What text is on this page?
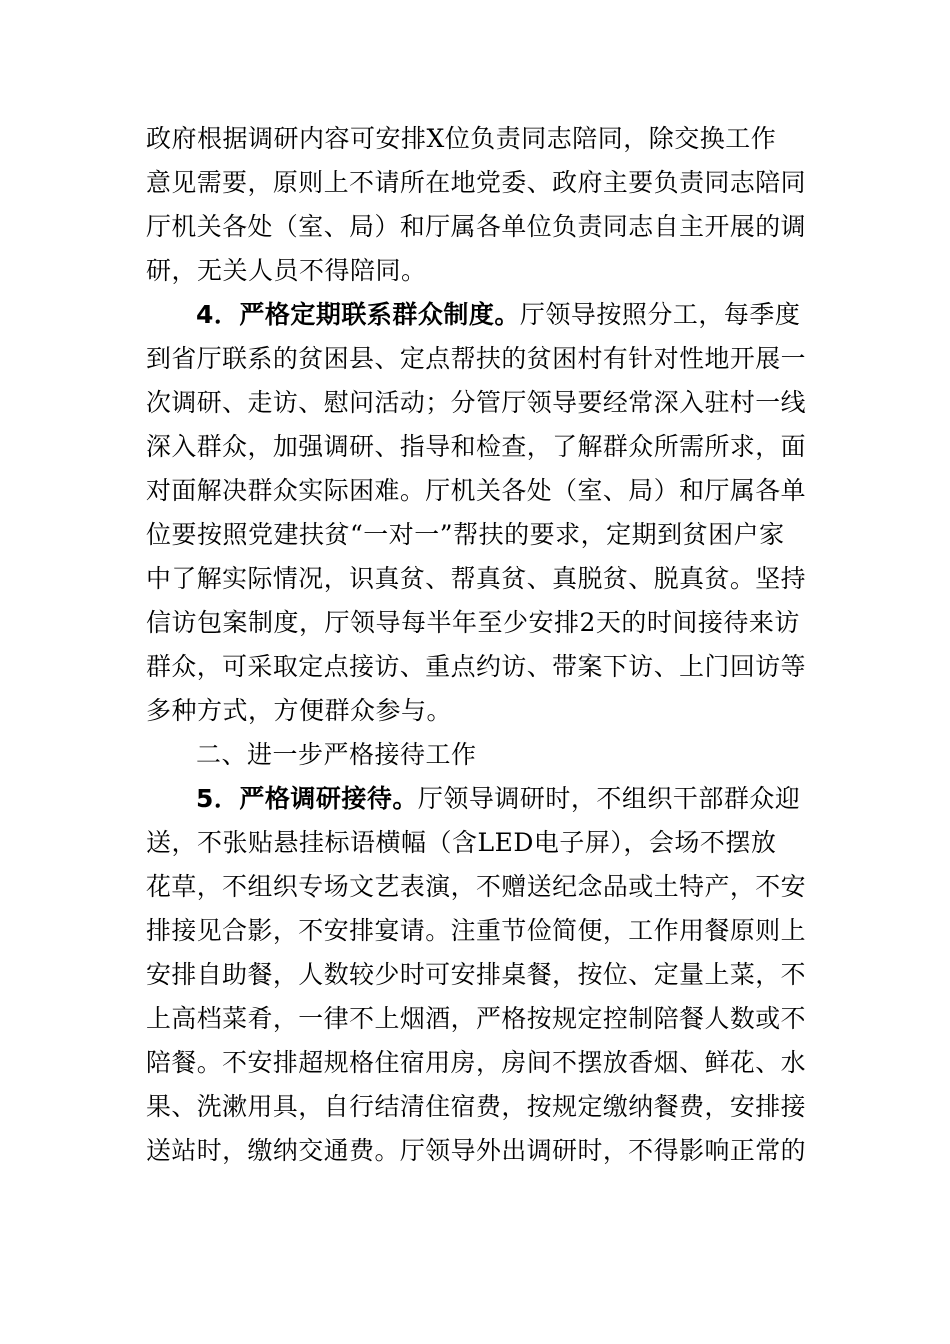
政府根据调研内容可安排X位负责同志陪同，除交换工作
意见需要，原则上不请所在地党委、政府主要负责同志陪同
厅机关各处（室、局）和厅属各单位负责同志自主开展的调
研，无关人员不得陪同。
4．严格定期联系群众制度。厅领导按照分工，每季度
到省厅联系的贫困县、定点帮扶的贫困村有针对性地开展一
次调研、走访、慰问活动；分管厅领导要经常深入驻村一线
深入群众，加强调研、指导和检查，了解群众所需所求，面
对面解决群众实际困难。厅机关各处（室、局）和厅属各单
位要按照党建扶贫“一对一”帮扶的要求，定期到贫困户家
中了解实际情况，识真贫、帮真贫、真脱贫、脱真贫。坚持
信访包案制度，厅领导每半年至少安排2天的时间接待来访
群众，可采取定点接访、重点约访、带案下访、上门回访等
多种方式，方便群众参与。
二、进一步严格接待工作
5．严格调研接待。厅领导调研时，不组织干部群众迎
送，不张贴悬挂标语横幅（含LED电子屏），会场不摆放
花草，不组织专场文艺表演，不赠送纪念品或土特产，不安
排接见合影，不安排宴请。注重节俭简便，工作用餐原则上
安排自助餐，人数较少时可安排桌餐，按位、定量上菜，不
上高档菜肴，一律不上烟酒，严格按规定控制陪餐人数或不
陪餐。不安排超规格住宿用房，房间不摆放香烟、鲜花、水
果、洗漱用具，自行结清住宿费，按规定缴纳餐费，安排接
送站时，缴纳交通费。厅领导外出调研时，不得影响正常的
